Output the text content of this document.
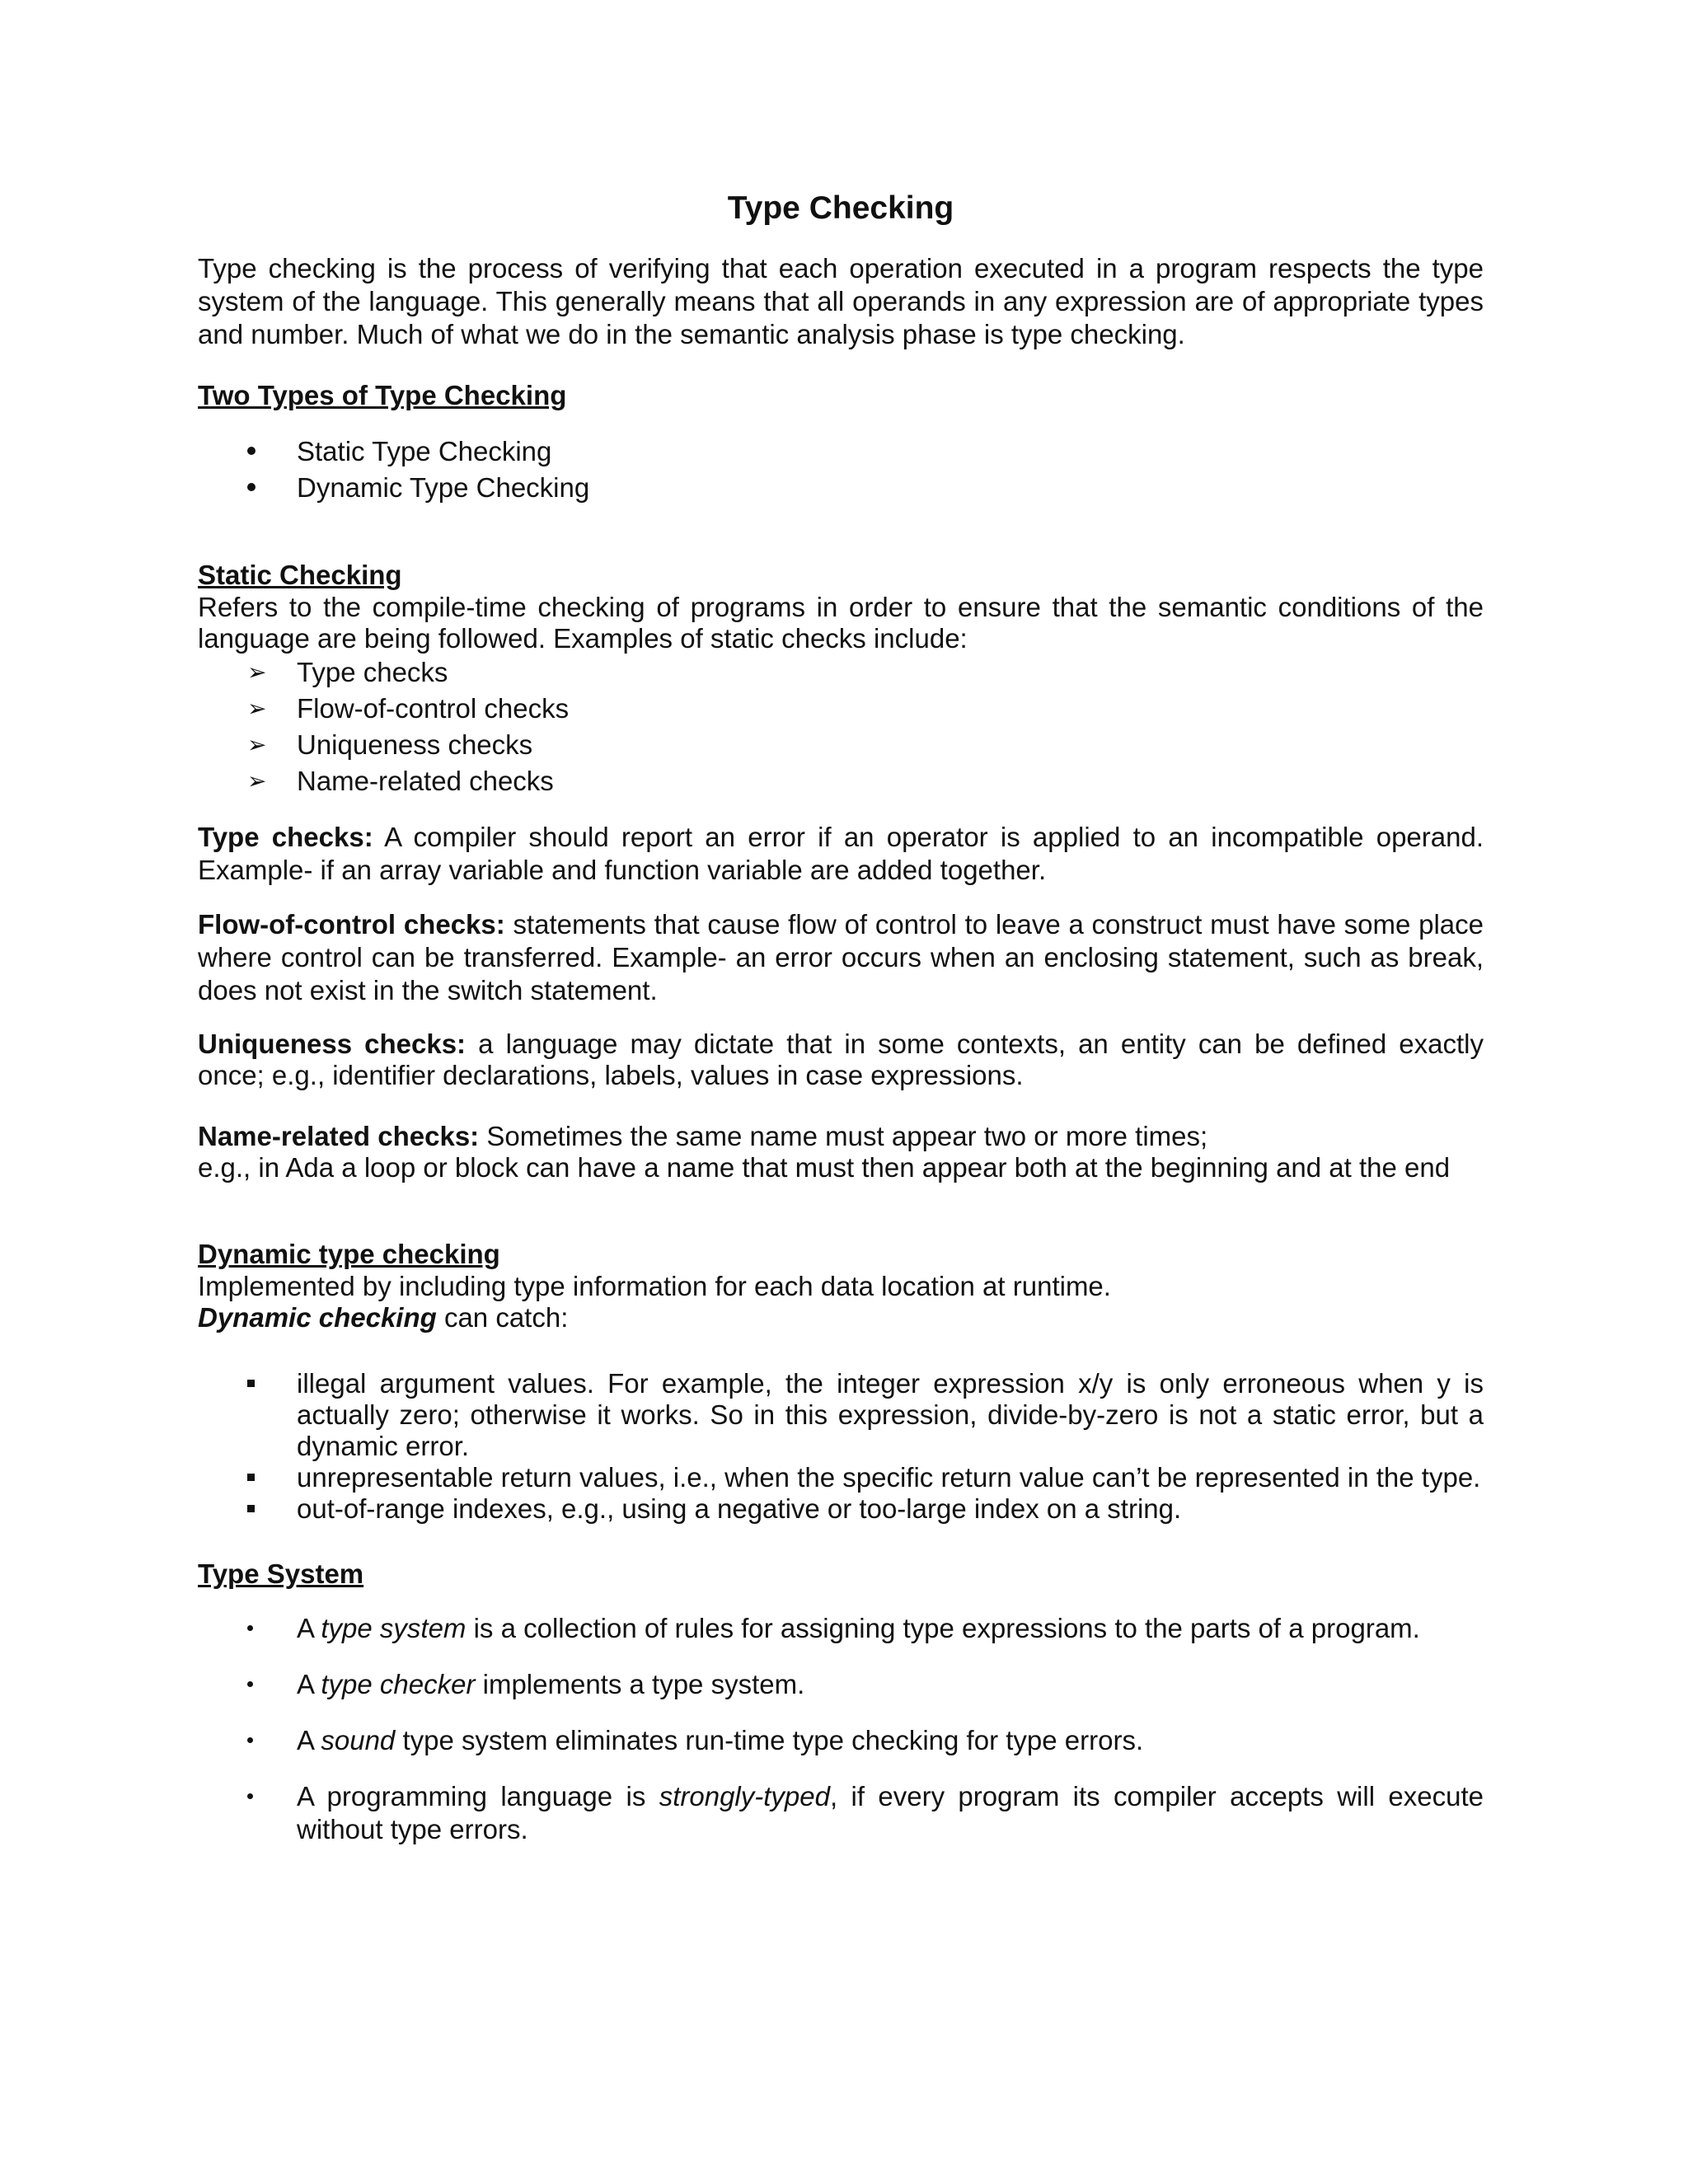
Type Checking

Type checking is the process of verifying that each operation executed in a program respects the type system of the language. This generally means that all operands in any expression are of appropriate types and number. Much of what we do in the semantic analysis phase is type checking.

Two Types of Type Checking
Static Type Checking
Dynamic Type Checking
Static Checking

Refers to the compile-time checking of programs in order to ensure that the semantic conditions of the language are being followed. Examples of static checks include:

➢	Type checks
➢	Flow-of-control checks
➢	Uniqueness checks
➢	Name-related checks

Type checks: A compiler should report an error if an operator is applied to an incompatible operand. Example- if an array variable and function variable are added together.

Flow-of-control checks: statements that cause flow of control to leave a construct must have some place where control can be transferred. Example- an error occurs when an enclosing statement, such as break, does not exist in the switch statement.

Uniqueness checks: a language may dictate that in some contexts, an entity can be defined exactly once; e.g., identifier declarations, labels, values in case expressions.

Name-related checks: Sometimes the same name must appear two or more times;
e.g., in Ada a loop or block can have a name that must then appear both at the beginning and at the end

Dynamic type checking

Implemented by including type information for each data location at runtime.

Dynamic checking can catch:

illegal argument values. For example, the integer expression x/y is only erroneous when y is actually zero; otherwise it works. So in this expression, divide-by-zero is not a static error, but a dynamic error.
unrepresentable return values, i.e., when the specific return value can’t be represented in the type.
out-of-range indexes, e.g., using a negative or too-large index on a string.
Type System
A type system is a collection of rules for assigning type expressions to the parts of a program.
A type checker implements a type system.
A sound type system eliminates run-time type checking for type errors.
A programming language is strongly-typed, if every program its compiler accepts will execute without type errors.
